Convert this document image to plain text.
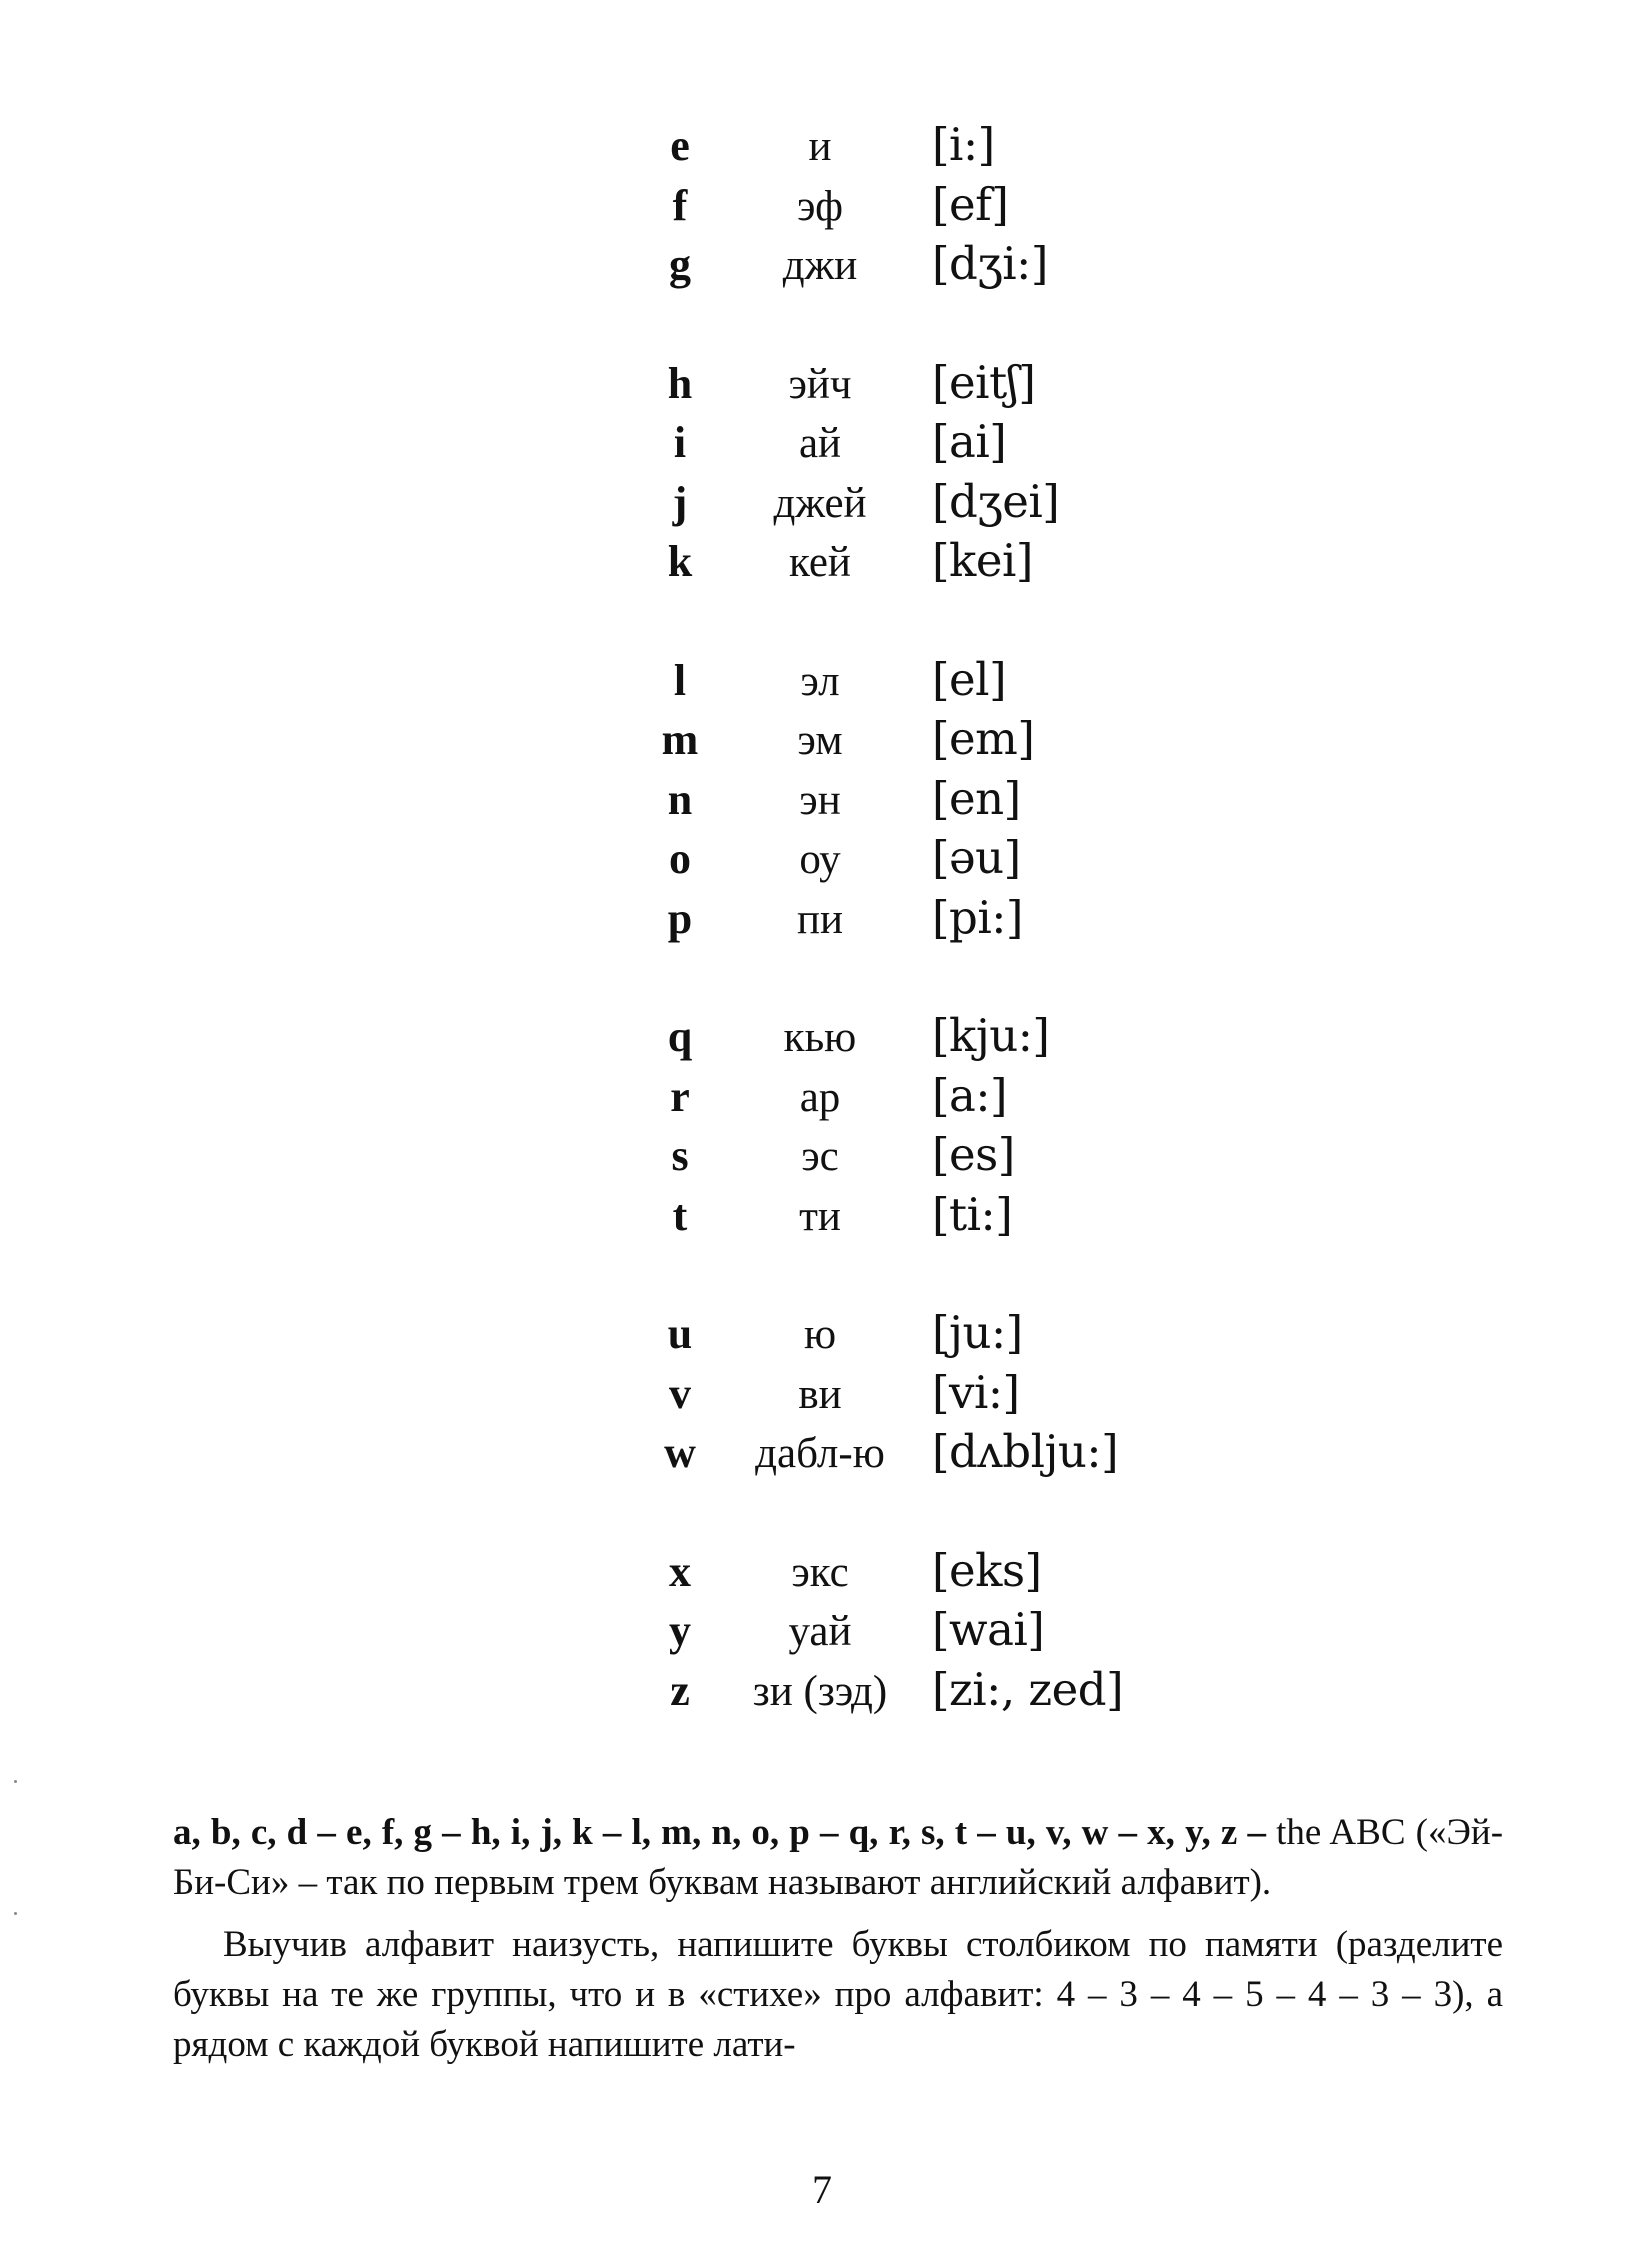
e	и	[i:]
f	эф	[ef]
g	джи	[dʒi:]
h	эйч	[eitʃ]
i	ай	[ai]
j	джей	[dʒei]
k	кей	[kei]
l	эл	[el]
m	эм	[em]
n	эн	[en]
o	оу	[əu]
p	пи	[pi:]
q	кью	[kju:]
r	ар	[a:]
s	эс	[es]
t	ти	[ti:]
u	ю	[ju:]
v	ви	[vi:]
w	дабл-ю	[dʌblju:]
x	экс	[eks]
y	уай	[wai]
z	зи (зэд) [zi:, zed]

a, b, c, d – e, f, g – h, i, j, k – l, m, n, o, p – q, r, s, t – u, v, w – x, y, z – the ABC («Эй-Би-Си» – так по первым трем буквам называют английский алфавит).

Выучив алфавит наизусть, напишите буквы столбиком по памяти (разделите буквы на те же группы, что и в «стихе» про алфавит: 4 – 3 – 4 – 5 – 4 – 3 – 3), а рядом с каждой буквой напишите лати-

7
